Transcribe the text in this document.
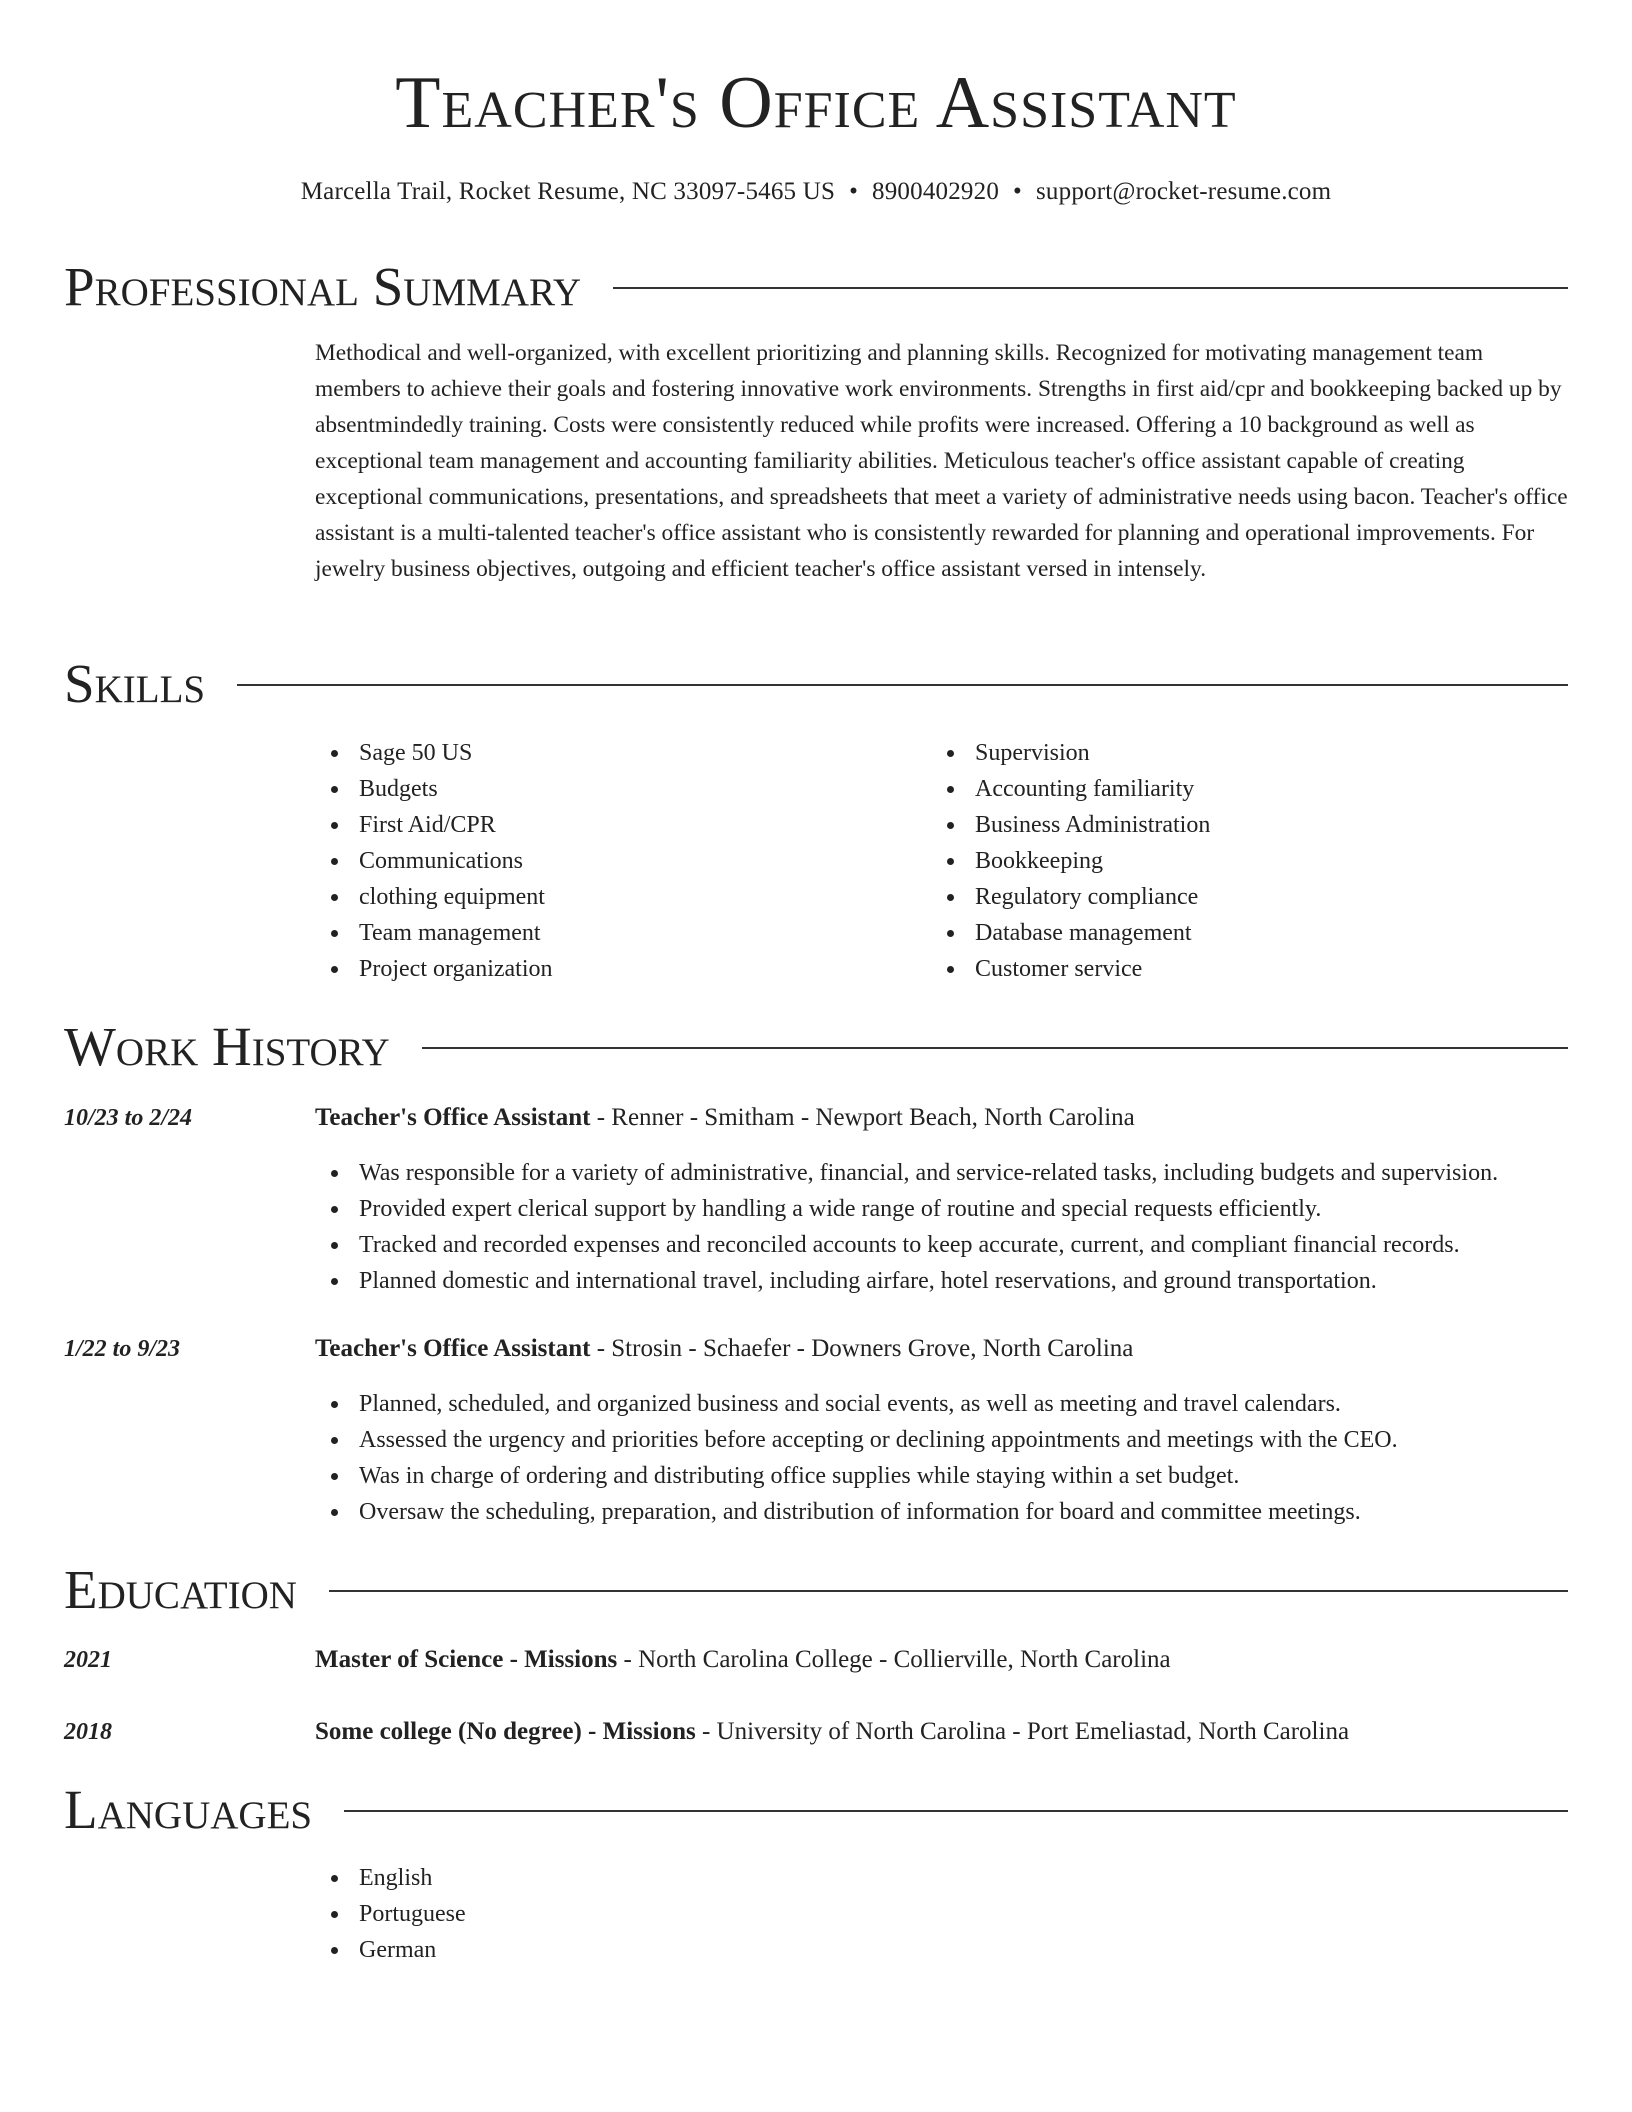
Teacher's Office Assistant
Marcella Trail, Rocket Resume, NC 33097-5465 US • 8900402920 • support@rocket-resume.com
Professional Summary

Methodical and well-organized, with excellent prioritizing and planning skills. Recognized for motivating management team members to achieve their goals and fostering innovative work environments. Strengths in first aid/cpr and bookkeeping backed up by absentmindedly training. Costs were consistently reduced while profits were increased. Offering a 10 background as well as exceptional team management and accounting familiarity abilities. Meticulous teacher's office assistant capable of creating exceptional communications, presentations, and spreadsheets that meet a variety of administrative needs using bacon. Teacher's office assistant is a multi-talented teacher's office assistant who is consistently rewarded for planning and operational improvements. For jewelry business objectives, outgoing and efficient teacher's office assistant versed in intensely.

Skills
Sage 50 US
Budgets
First Aid/CPR
Communications
clothing equipment
Team management
Project organization
Supervision
Accounting familiarity
Business Administration
Bookkeeping
Regulatory compliance
Database management
Customer service
Work History
10/23 to 2/24	Teacher's Office Assistant - Renner - Smitham - Newport Beach, North Carolina
Was responsible for a variety of administrative, financial, and service-related tasks, including budgets and supervision.
Provided expert clerical support by handling a wide range of routine and special requests efficiently.
Tracked and recorded expenses and reconciled accounts to keep accurate, current, and compliant financial records.
Planned domestic and international travel, including airfare, hotel reservations, and ground transportation.
1/22 to 9/23	Teacher's Office Assistant - Strosin - Schaefer - Downers Grove, North Carolina
Planned, scheduled, and organized business and social events, as well as meeting and travel calendars.
Assessed the urgency and priorities before accepting or declining appointments and meetings with the CEO.
Was in charge of ordering and distributing office supplies while staying within a set budget.
Oversaw the scheduling, preparation, and distribution of information for board and committee meetings.
Education
2021	Master of Science - Missions - North Carolina College - Collierville, North Carolina
2018	Some college (No degree) - Missions - University of North Carolina - Port Emeliastad, North Carolina
Languages
English
Portuguese
German
